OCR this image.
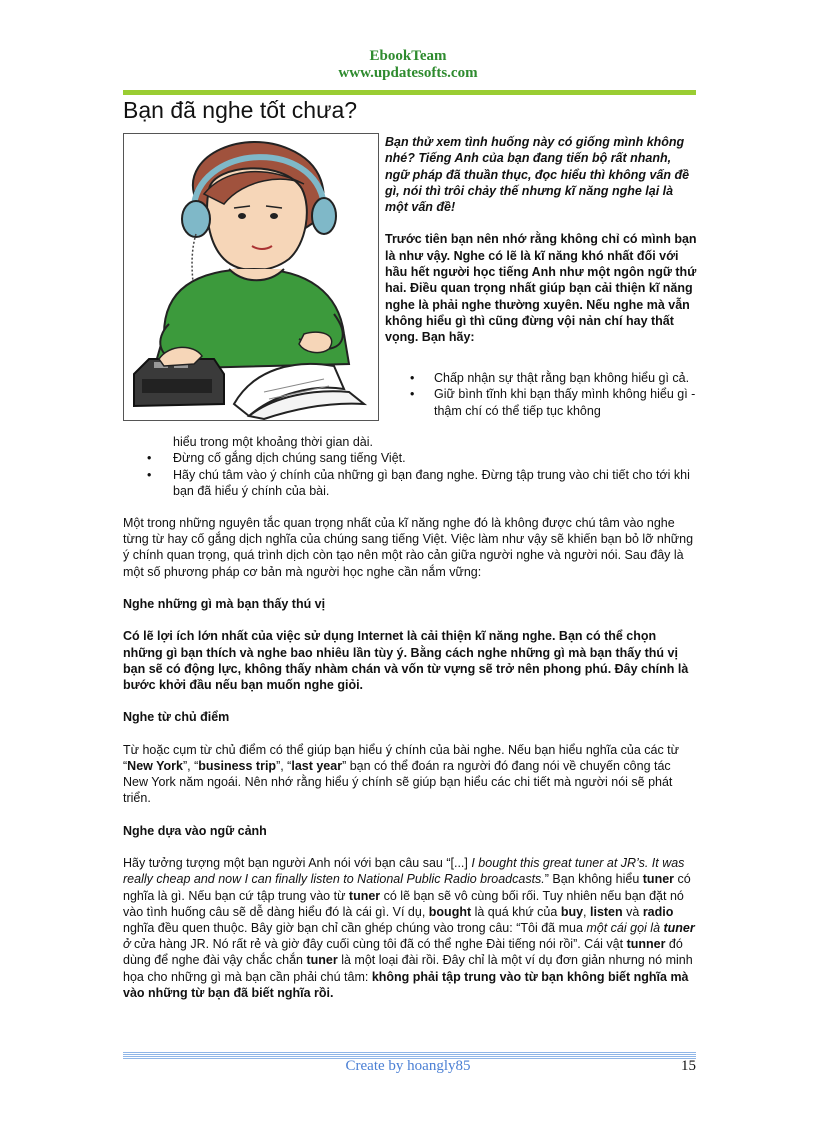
EbookTeam
www.updatesofts.com
Bạn đã nghe tốt chưa?

Bạn thử xem tình huống này có giống mình không nhé? Tiếng Anh của bạn đang tiến bộ rất nhanh, ngữ pháp đã thuần thục, đọc hiểu thì không vấn đề gì, nói thì trôi chảy thế nhưng kĩ năng nghe lại là một vấn đề!

Trước tiên bạn nên nhớ rằng không chỉ có mình bạn là như vậy. Nghe có lẽ là kĩ năng khó nhất đối với hầu hết người học tiếng Anh như một ngôn ngữ thứ hai. Điều quan trọng nhất giúp bạn cải thiện kĩ năng nghe là phải nghe thường xuyên. Nếu nghe mà vẫn không hiểu gì thì cũng đừng vội nản chí hay thất vọng. Bạn hãy:

• Chấp nhận sự thật rằng bạn không hiểu gì cả.
• Giữ bình tĩnh khi bạn thấy mình không hiểu gì - thậm chí có thể tiếp tục không
hiểu trong một khoảng thời gian dài.
• Đừng cố gắng dịch chúng sang tiếng Việt.
• Hãy chú tâm vào ý chính của những gì bạn đang nghe. Đừng tập trung vào chi tiết cho tới khi bạn đã hiểu ý chính của bài.

Một trong những nguyên tắc quan trọng nhất của kĩ năng nghe đó là không được chú tâm vào nghe từng từ hay cố gắng dịch nghĩa của chúng sang tiếng Việt. Việc làm như vậy sẽ khiến bạn bỏ lỡ những ý chính quan trọng, quá trình dịch còn tạo nên một rào cản giữa người nghe và người nói. Sau đây là một số phương pháp cơ bản mà người học nghe cần nắm vững:

Nghe những gì mà bạn thấy thú vị

Có lẽ lợi ích lớn nhất của việc sử dụng Internet là cải thiện kĩ năng nghe. Bạn có thể chọn những gì bạn thích và nghe bao nhiêu lần tùy ý. Bằng cách nghe những gì mà bạn thấy thú vị bạn sẽ có động lực, không thấy nhàm chán và vốn từ vựng sẽ trở nên phong phú. Đây chính là bước khởi đầu nếu bạn muốn nghe giỏi.

Nghe từ chủ điểm

Từ hoặc cụm từ chủ điểm có thể giúp bạn hiểu ý chính của bài nghe. Nếu bạn hiểu nghĩa của các từ “New York”, “business trip”, “last year” bạn có thể đoán ra người đó đang nói về chuyến công tác New York năm ngoái. Nên nhớ rằng hiểu ý chính sẽ giúp bạn hiểu các chi tiết mà người nói sẽ phát triển.

Nghe dựa vào ngữ cảnh

Hãy tưởng tượng một bạn người Anh nói với bạn câu sau “[...] I bought this great tuner at JR’s. It was really cheap and now I can finally listen to National Public Radio broadcasts.” Bạn không hiểu tuner có nghĩa là gì. Nếu bạn cứ tập trung vào từ tuner có lẽ bạn sẽ vô cùng bối rối. Tuy nhiên nếu bạn đặt nó vào tình huống câu sẽ dễ dàng hiểu đó là cái gì. Ví dụ, bought là quá khứ của buy, listen và radio nghĩa đều quen thuộc. Bây giờ bạn chỉ cần ghép chúng vào trong câu: “Tôi đã mua một cái gọi là tuner ở cửa hàng JR. Nó rất rẻ và giờ đây cuối cùng tôi đã có thể nghe Đài tiếng nói rồi”. Cái vật tunner đó dùng để nghe đài vậy chắc chắn tuner là một loại đài rồi. Đây chỉ là một ví dụ đơn giản nhưng nó minh họa cho những gì mà bạn cần phải chú tâm: không phải tập trung vào từ bạn không biết nghĩa mà vào những từ bạn đã biết nghĩa rồi.

Create by hoangly85	15
